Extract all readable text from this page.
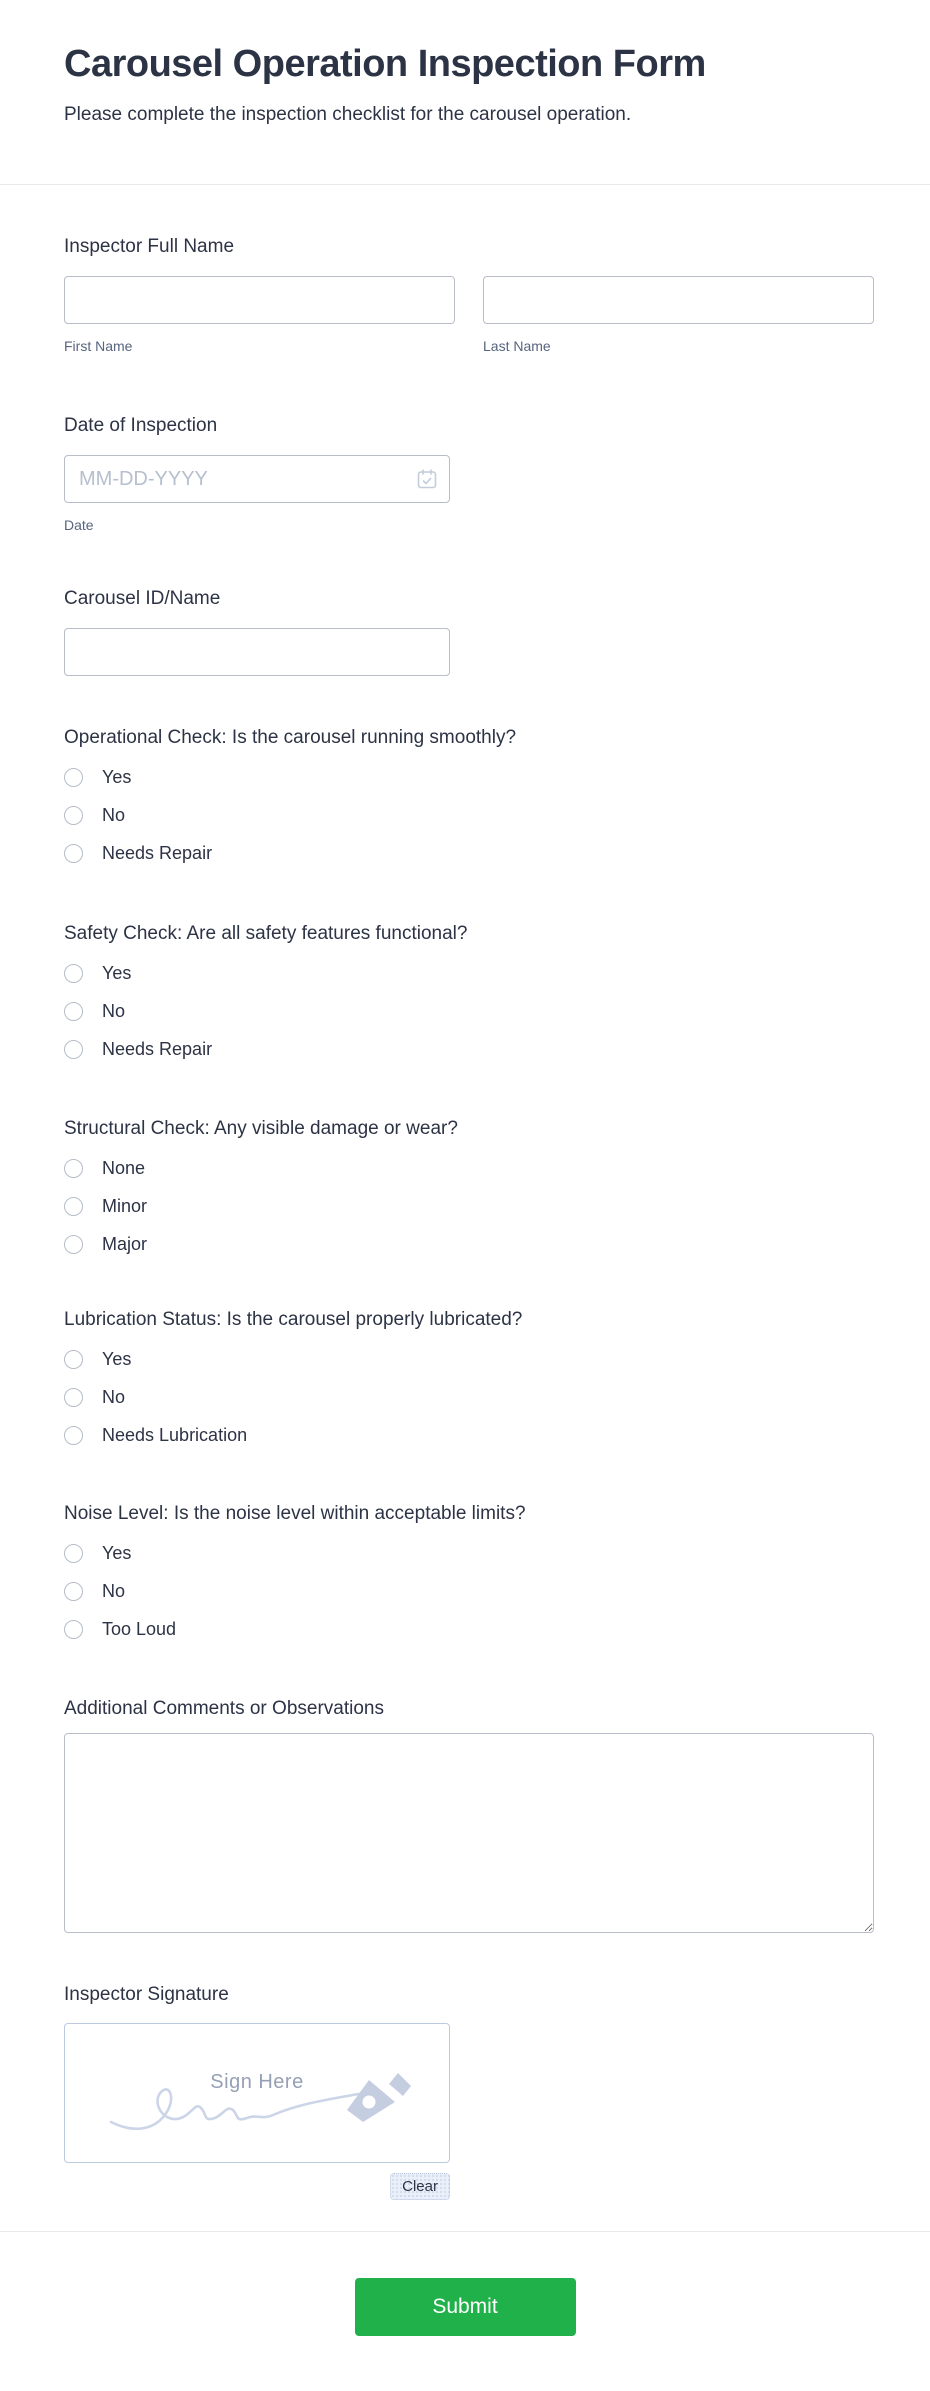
Carousel Operation Inspection Form

Please complete the inspection checklist for the carousel operation.

Inspector Full Name
First Name	Last Name
Date of Inspection
MM-DD-YYYY
Date
Carousel ID/Name
Operational Check: Is the carousel running smoothly?
Yes
No
Needs Repair
Safety Check: Are all safety features functional?
Yes
No
Needs Repair
Structural Check: Any visible damage or wear?
None
Minor
Major
Lubrication Status: Is the carousel properly lubricated?
Yes
No
Needs Lubrication
Noise Level: Is the noise level within acceptable limits?
Yes
No
Too Loud
Additional Comments or Observations
Inspector Signature
Sign Here
Clear
Submit
